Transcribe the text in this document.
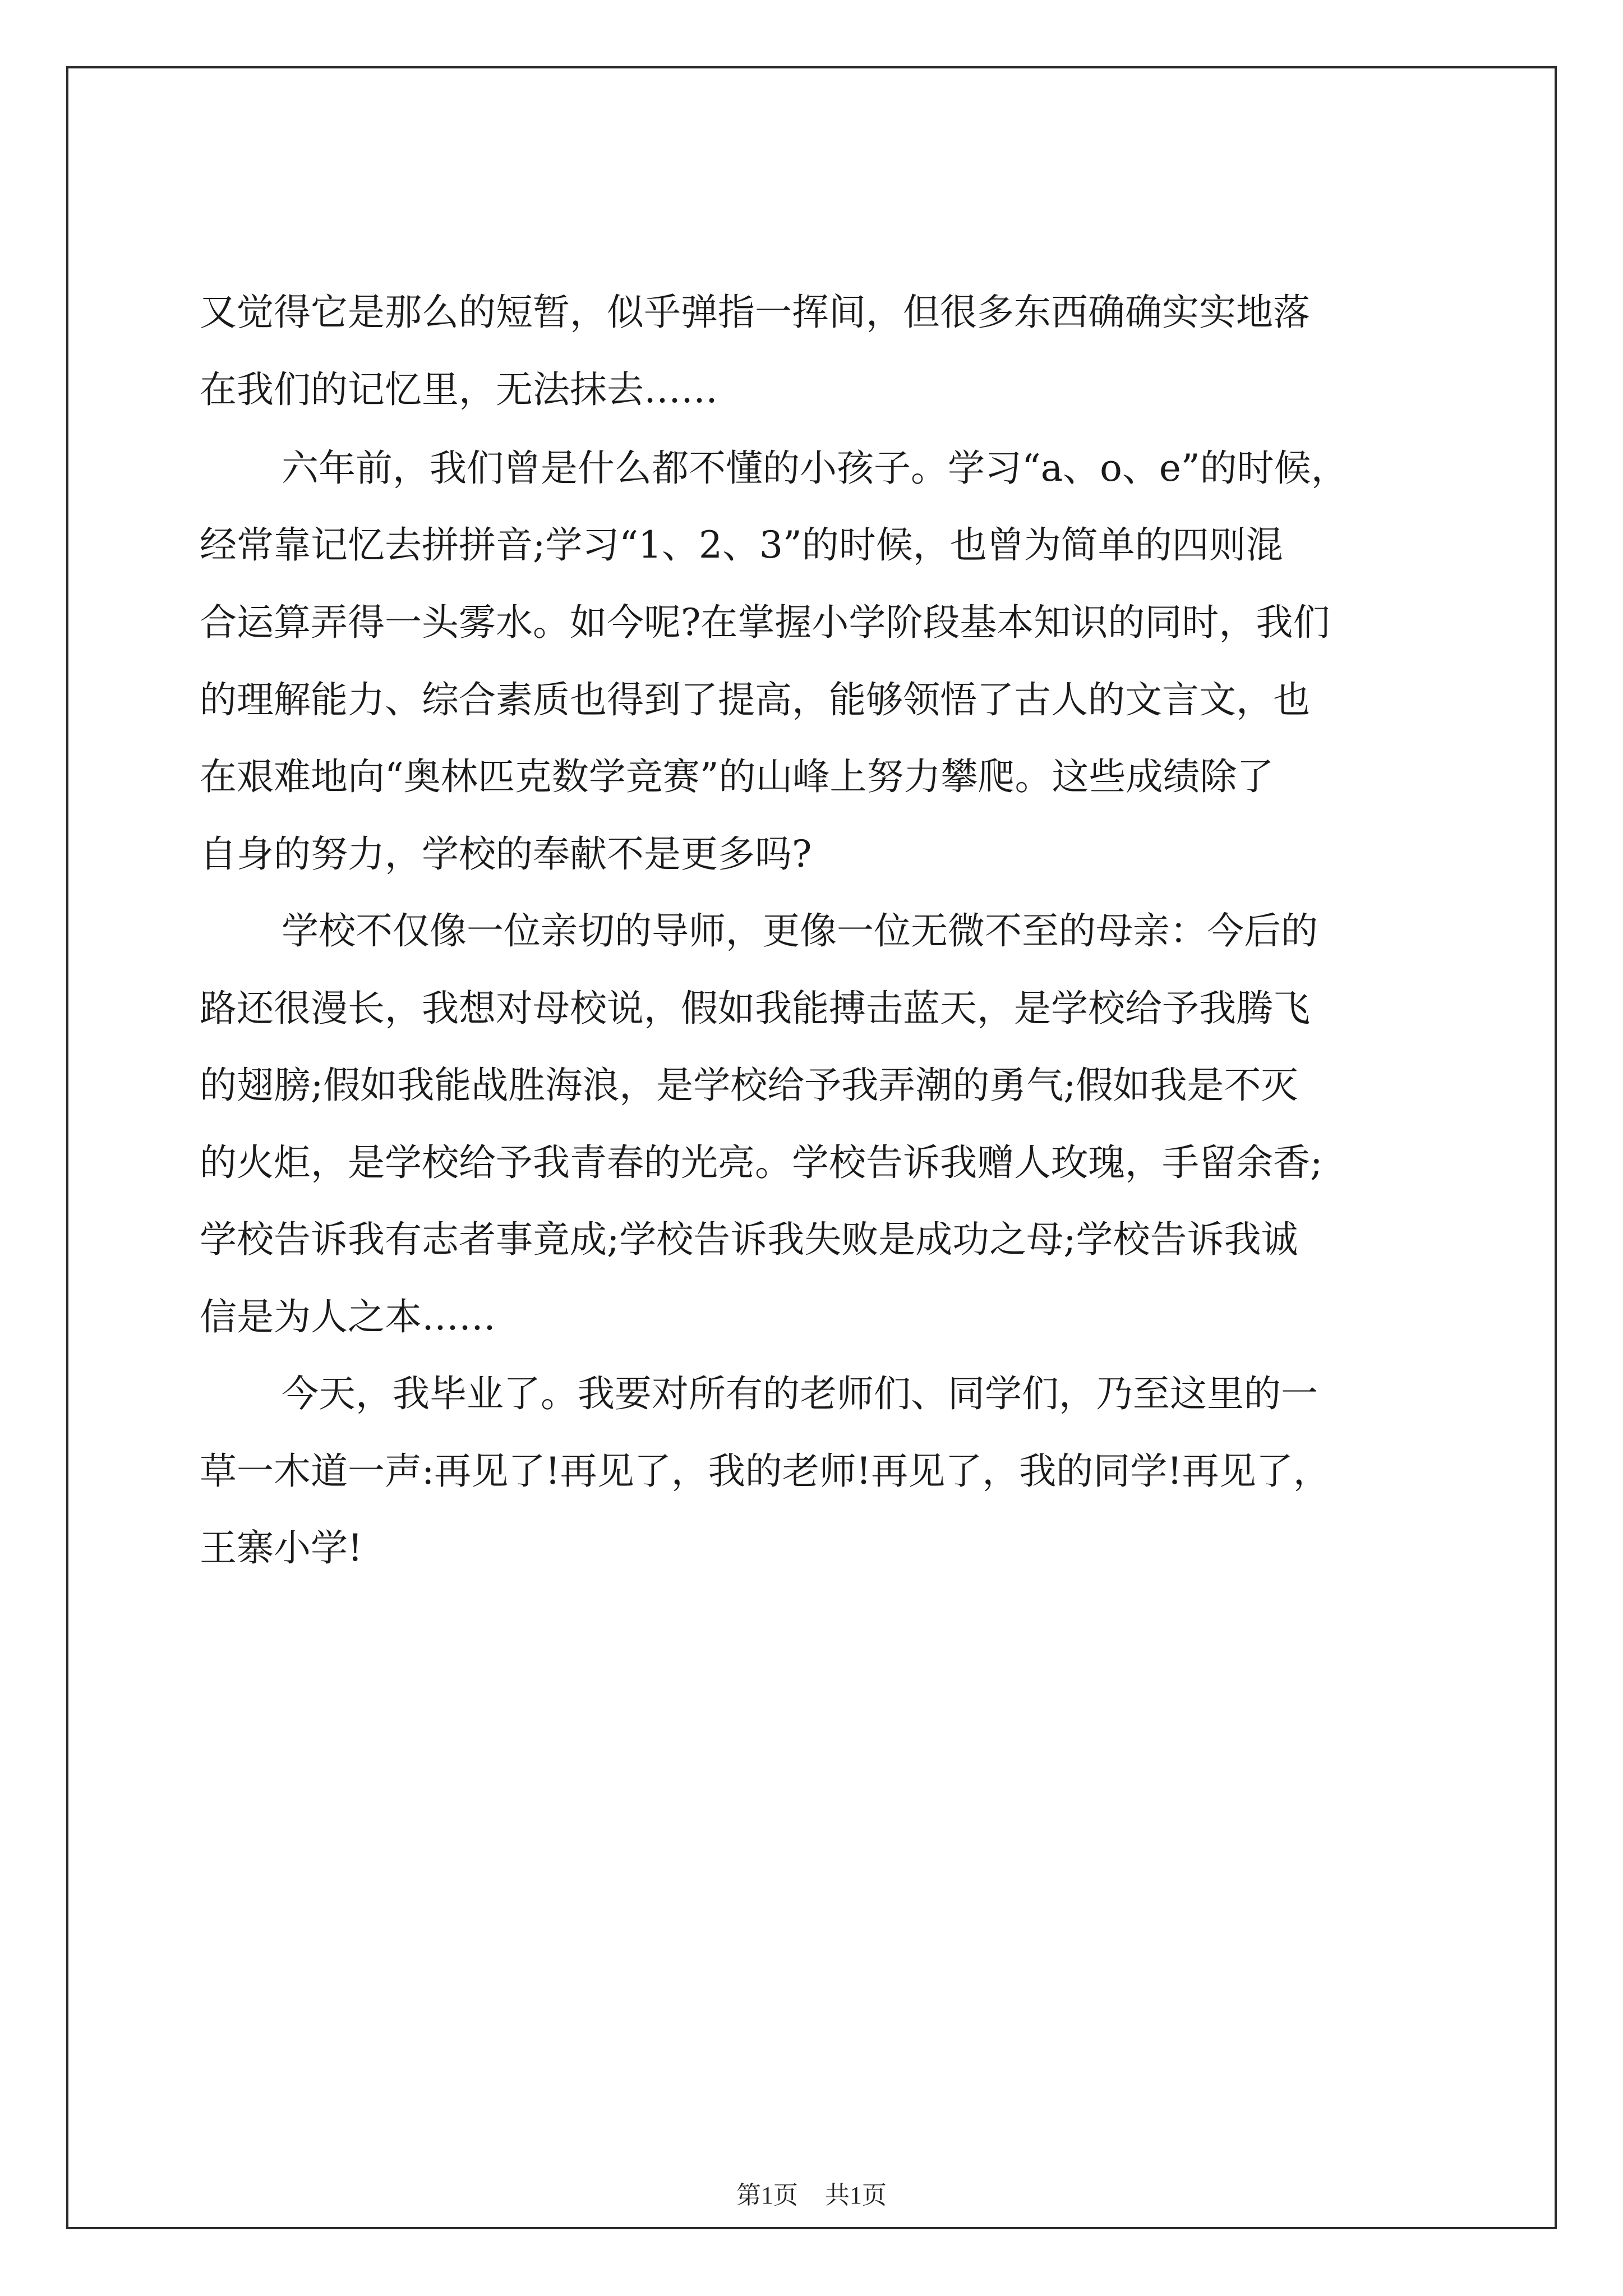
又觉得它是那么的短暂，似乎弹指一挥间，但很多东西确确实实地落
在我们的记忆里，无法抹去……
六年前，我们曾是什么都不懂的小孩子。学习“a、o、e”的时候，
经常靠记忆去拼拼音;学习“1、2、3”的时候，也曾为简单的四则混
合运算弄得一头雾水。如今呢?在掌握小学阶段基本知识的同时，我们
的理解能力、综合素质也得到了提高，能够领悟了古人的文言文，也
在艰难地向“奥林匹克数学竞赛”的山峰上努力攀爬。这些成绩除了
自身的努力，学校的奉献不是更多吗?
学校不仅像一位亲切的导师，更像一位无微不至的母亲：今后的
路还很漫长，我想对母校说，假如我能搏击蓝天，是学校给予我腾飞
的翅膀;假如我能战胜海浪，是学校给予我弄潮的勇气;假如我是不灭
的火炬，是学校给予我青春的光亮。学校告诉我赠人玫瑰，手留余香;
学校告诉我有志者事竟成;学校告诉我失败是成功之母;学校告诉我诚
信是为人之本……
今天，我毕业了。我要对所有的老师们、同学们，乃至这里的一
草一木道一声:再见了!再见了，我的老师!再见了，我的同学!再见了，
王寨小学!
第1页 共1页
